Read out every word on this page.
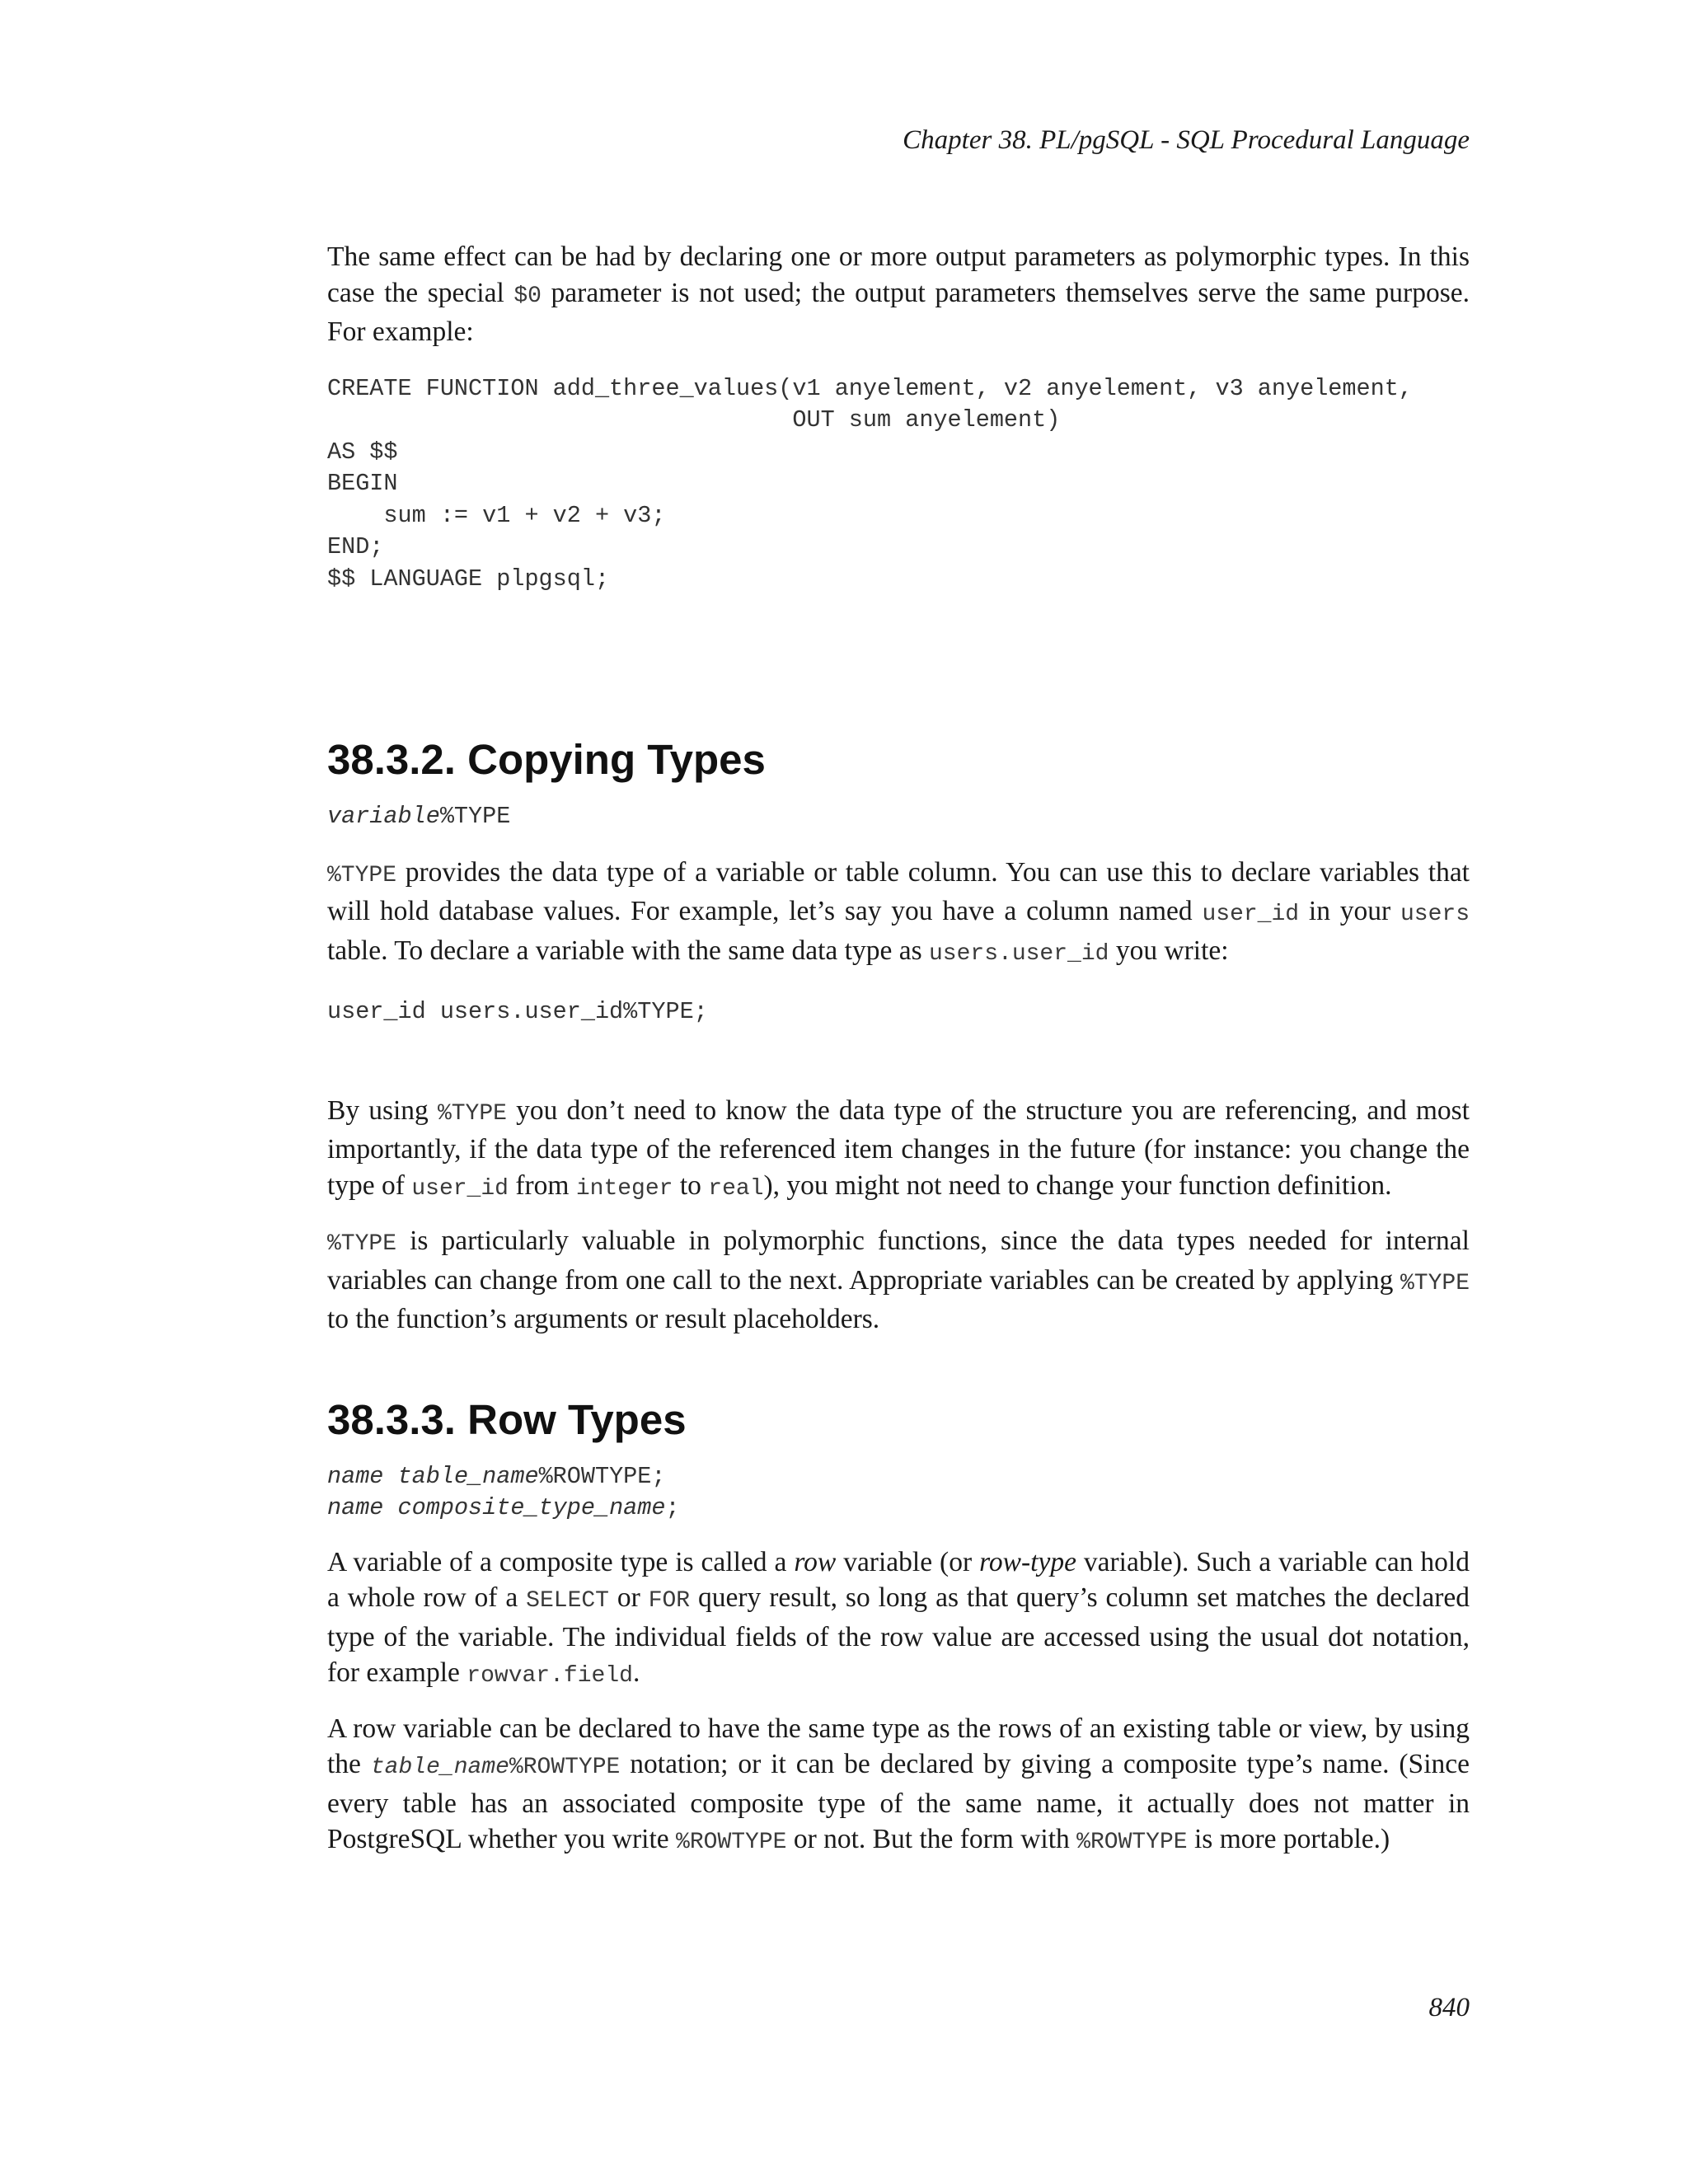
Chapter 38. PL/pgSQL - SQL Procedural Language

The same effect can be had by declaring one or more output parameters as polymorphic types. In this case the special $0 parameter is not used; the output parameters themselves serve the same purpose. For example:

CREATE FUNCTION add_three_values(v1 anyelement, v2 anyelement, v3 anyelement,
OUT sum anyelement)
AS $$
BEGIN
sum := v1 + v2 + v3;
END;
$$ LANGUAGE plpgsql;
38.3.2. Copying Types
variable%TYPE

%TYPE provides the data type of a variable or table column. You can use this to declare variables that will hold database values. For example, let’s say you have a column named user_id in your users table. To declare a variable with the same data type as users.user_id you write:

user_id users.user_id%TYPE;

By using %TYPE you don’t need to know the data type of the structure you are referencing, and most importantly, if the data type of the referenced item changes in the future (for instance: you change the type of user_id from integer to real), you might not need to change your function definition.

%TYPE is particularly valuable in polymorphic functions, since the data types needed for internal variables can change from one call to the next. Appropriate variables can be created by applying %TYPE to the function’s arguments or result placeholders.

38.3.3. Row Types
name table_name%ROWTYPE;
name composite_type_name;

A variable of a composite type is called a row variable (or row-type variable). Such a variable can hold a whole row of a SELECT or FOR query result, so long as that query’s column set matches the declared type of the variable. The individual fields of the row value are accessed using the usual dot notation, for example rowvar.field.

A row variable can be declared to have the same type as the rows of an existing table or view, by using the table_name%ROWTYPE notation; or it can be declared by giving a composite type’s name. (Since every table has an associated composite type of the same name, it actually does not matter in PostgreSQL whether you write %ROWTYPE or not. But the form with %ROWTYPE is more portable.)

840
